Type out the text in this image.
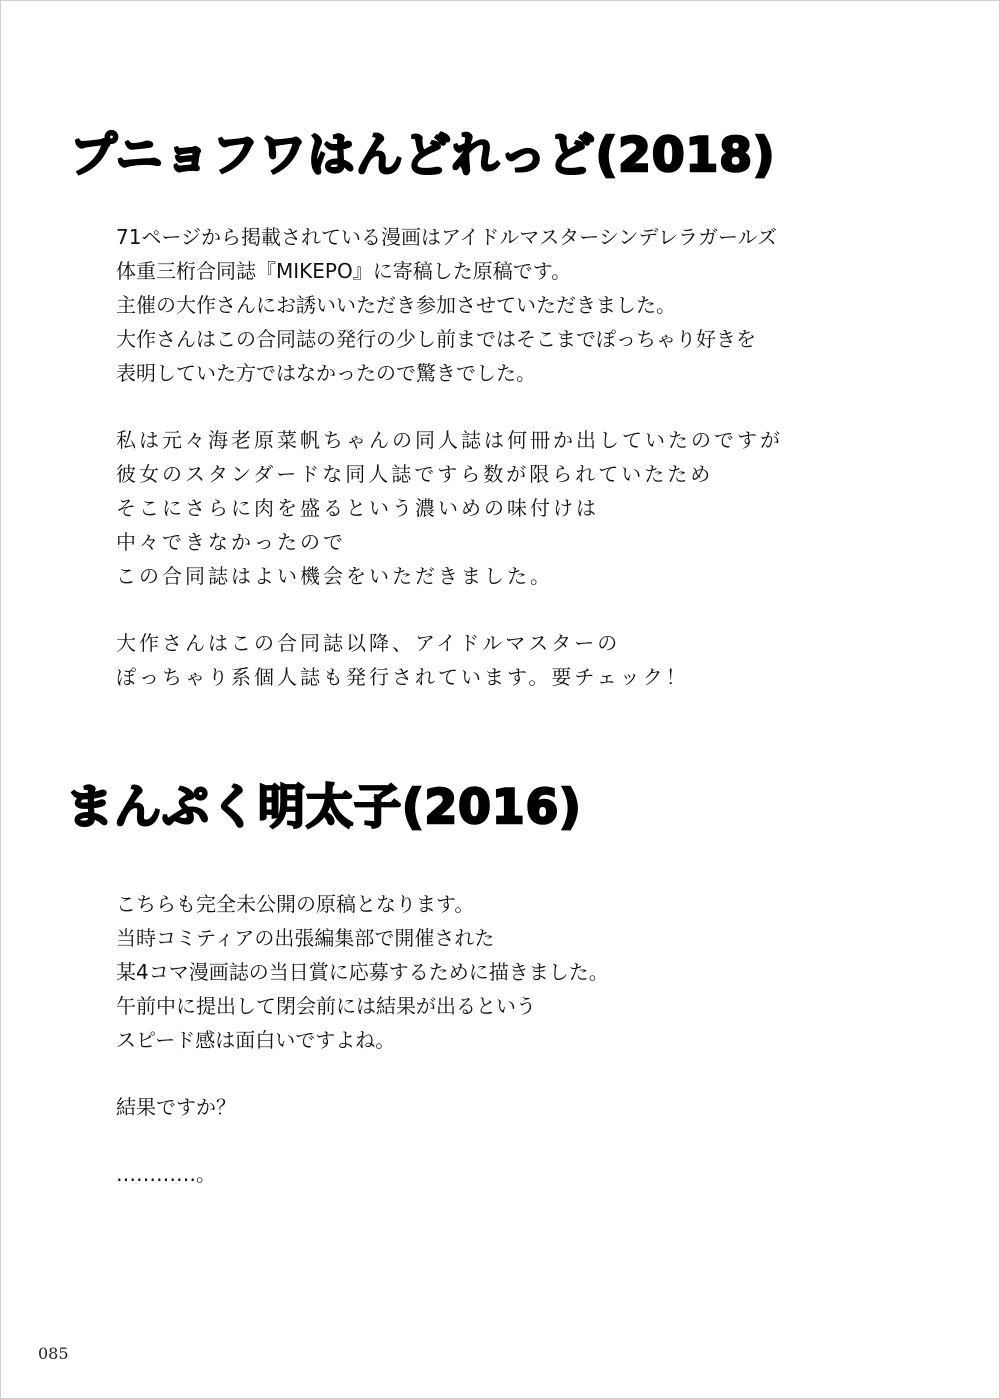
プニョフワはんどれっど(2018)

71ページから掲載されている漫画はアイドルマスターシンデレラガールズ

体重三桁合同誌『MIKEPO』に寄稿した原稿です。

主催の大作さんにお誘いいただき参加させていただきました。

大作さんはこの合同誌の発行の少し前まではそこまでぽっちゃり好きを

表明していた方ではなかったので驚きでした。

私は元々海老原菜帆ちゃんの同人誌は何冊か出していたのですが

彼女のスタンダードな同人誌ですら数が限られていたため

そこにさらに肉を盛るという濃いめの味付けは

中々できなかったので

この合同誌はよい機会をいただきました。

大作さんはこの合同誌以降、アイドルマスターの

ぽっちゃり系個人誌も発行されています。要チェック！

まんぷく明太子(2016)

こちらも完全未公開の原稿となります。

当時コミティアの出張編集部で開催された

某4コマ漫画誌の当日賞に応募するために描きました。

午前中に提出して閉会前には結果が出るという

スピード感は面白いですよね。

結果ですか？

…………。

085
